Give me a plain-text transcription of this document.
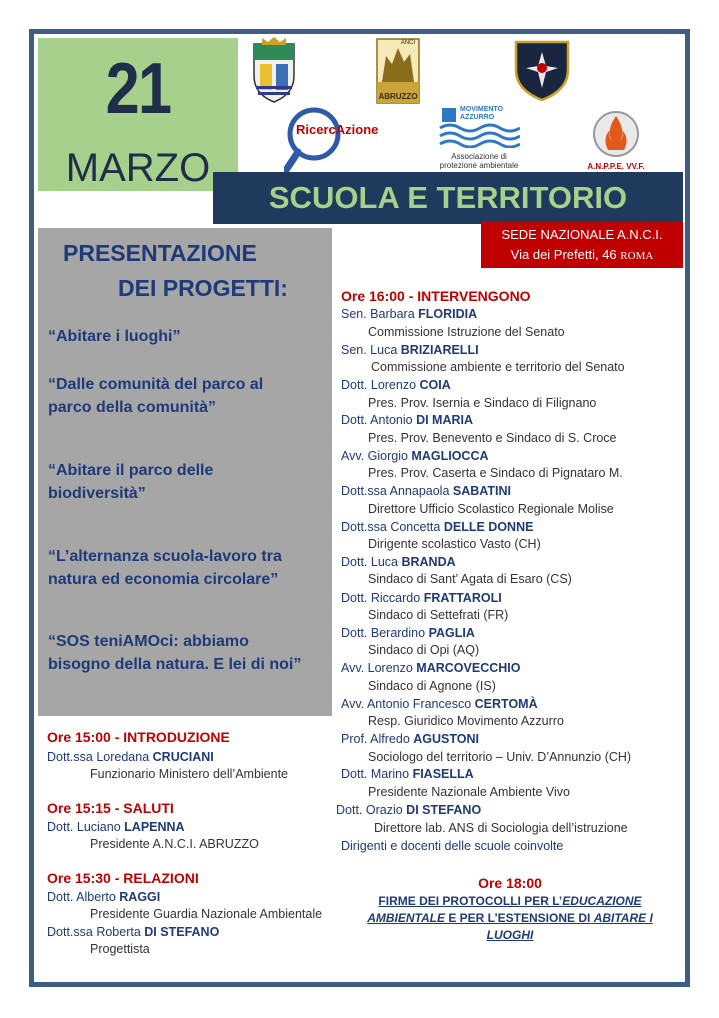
21
MARZO
ABRUZZO
ANCI
RicercAzione
MOVIMENTO
AZZURRO
Associazione di
protezione ambientale	A.N.P.P.E. VV.F.
SCUOLA E TERRITORIO
SEDE NAZIONALE A.N.C.I.
Via dei Prefetti, 46 ROMA
PRESENTAZIONE
DEI PROGETTI:
“Abitare i luoghi”
“Dalle comunità del parco al
parco della comunità”
“Abitare il parco delle
biodiversità”
“L’alternanza scuola-lavoro tra
natura ed economia circolare”
“SOS teniAMOci: abbiamo
bisogno della natura. E lei di noi”
Ore 15:00 - INTRODUZIONE
Dott.ssa Loredana CRUCIANI
Funzionario Ministero dell’Ambiente
Ore 15:15 - SALUTI
Dott. Luciano LAPENNA
Presidente A.N.C.I. ABRUZZO
Ore 15:30 - RELAZIONI
Dott. Alberto RAGGI
Presidente Guardia Nazionale Ambientale
Dott.ssa Roberta DI STEFANO
Progettista
Ore 16:00 - INTERVENGONO
Sen. Barbara FLORIDIA
Commissione Istruzione del Senato
Sen. Luca BRIZIARELLI
Commissione ambiente e territorio del Senato
Dott. Lorenzo COIA
Pres. Prov. Isernia e Sindaco di Filignano
Dott. Antonio DI MARIA
Pres. Prov. Benevento e Sindaco di S. Croce
Avv. Giorgio MAGLIOCCA
Pres. Prov. Caserta e Sindaco di Pignataro M.
Dott.ssa Annapaola SABATINI
Direttore Ufficio Scolastico Regionale Molise
Dott.ssa Concetta DELLE DONNE
Dirigente scolastico Vasto (CH)
Dott. Luca BRANDA
Sindaco di Sant’ Agata di Esaro (CS)
Dott. Riccardo FRATTAROLI
Sindaco di Settefrati (FR)
Dott. Berardino PAGLIA
Sindaco di Opi (AQ)
Avv. Lorenzo MARCOVECCHIO
Sindaco di Agnone (IS)
Avv. Antonio Francesco CERTOMÀ
Resp. Giuridico Movimento Azzurro
Prof. Alfredo AGUSTONI
Sociologo del territorio – Univ. D’Annunzio (CH)
Dott. Marino FIASELLA
Presidente Nazionale Ambiente Vivo
Dott. Orazio DI STEFANO
Direttore lab. ANS di Sociologia dell’istruzione
Dirigenti e docenti delle scuole coinvolte
Ore 18:00
FIRME DEI PROTOCOLLI PER L’EDUCAZIONE
AMBIENTALE E PER L’ESTENSIONE DI ABITARE I
LUOGHI
